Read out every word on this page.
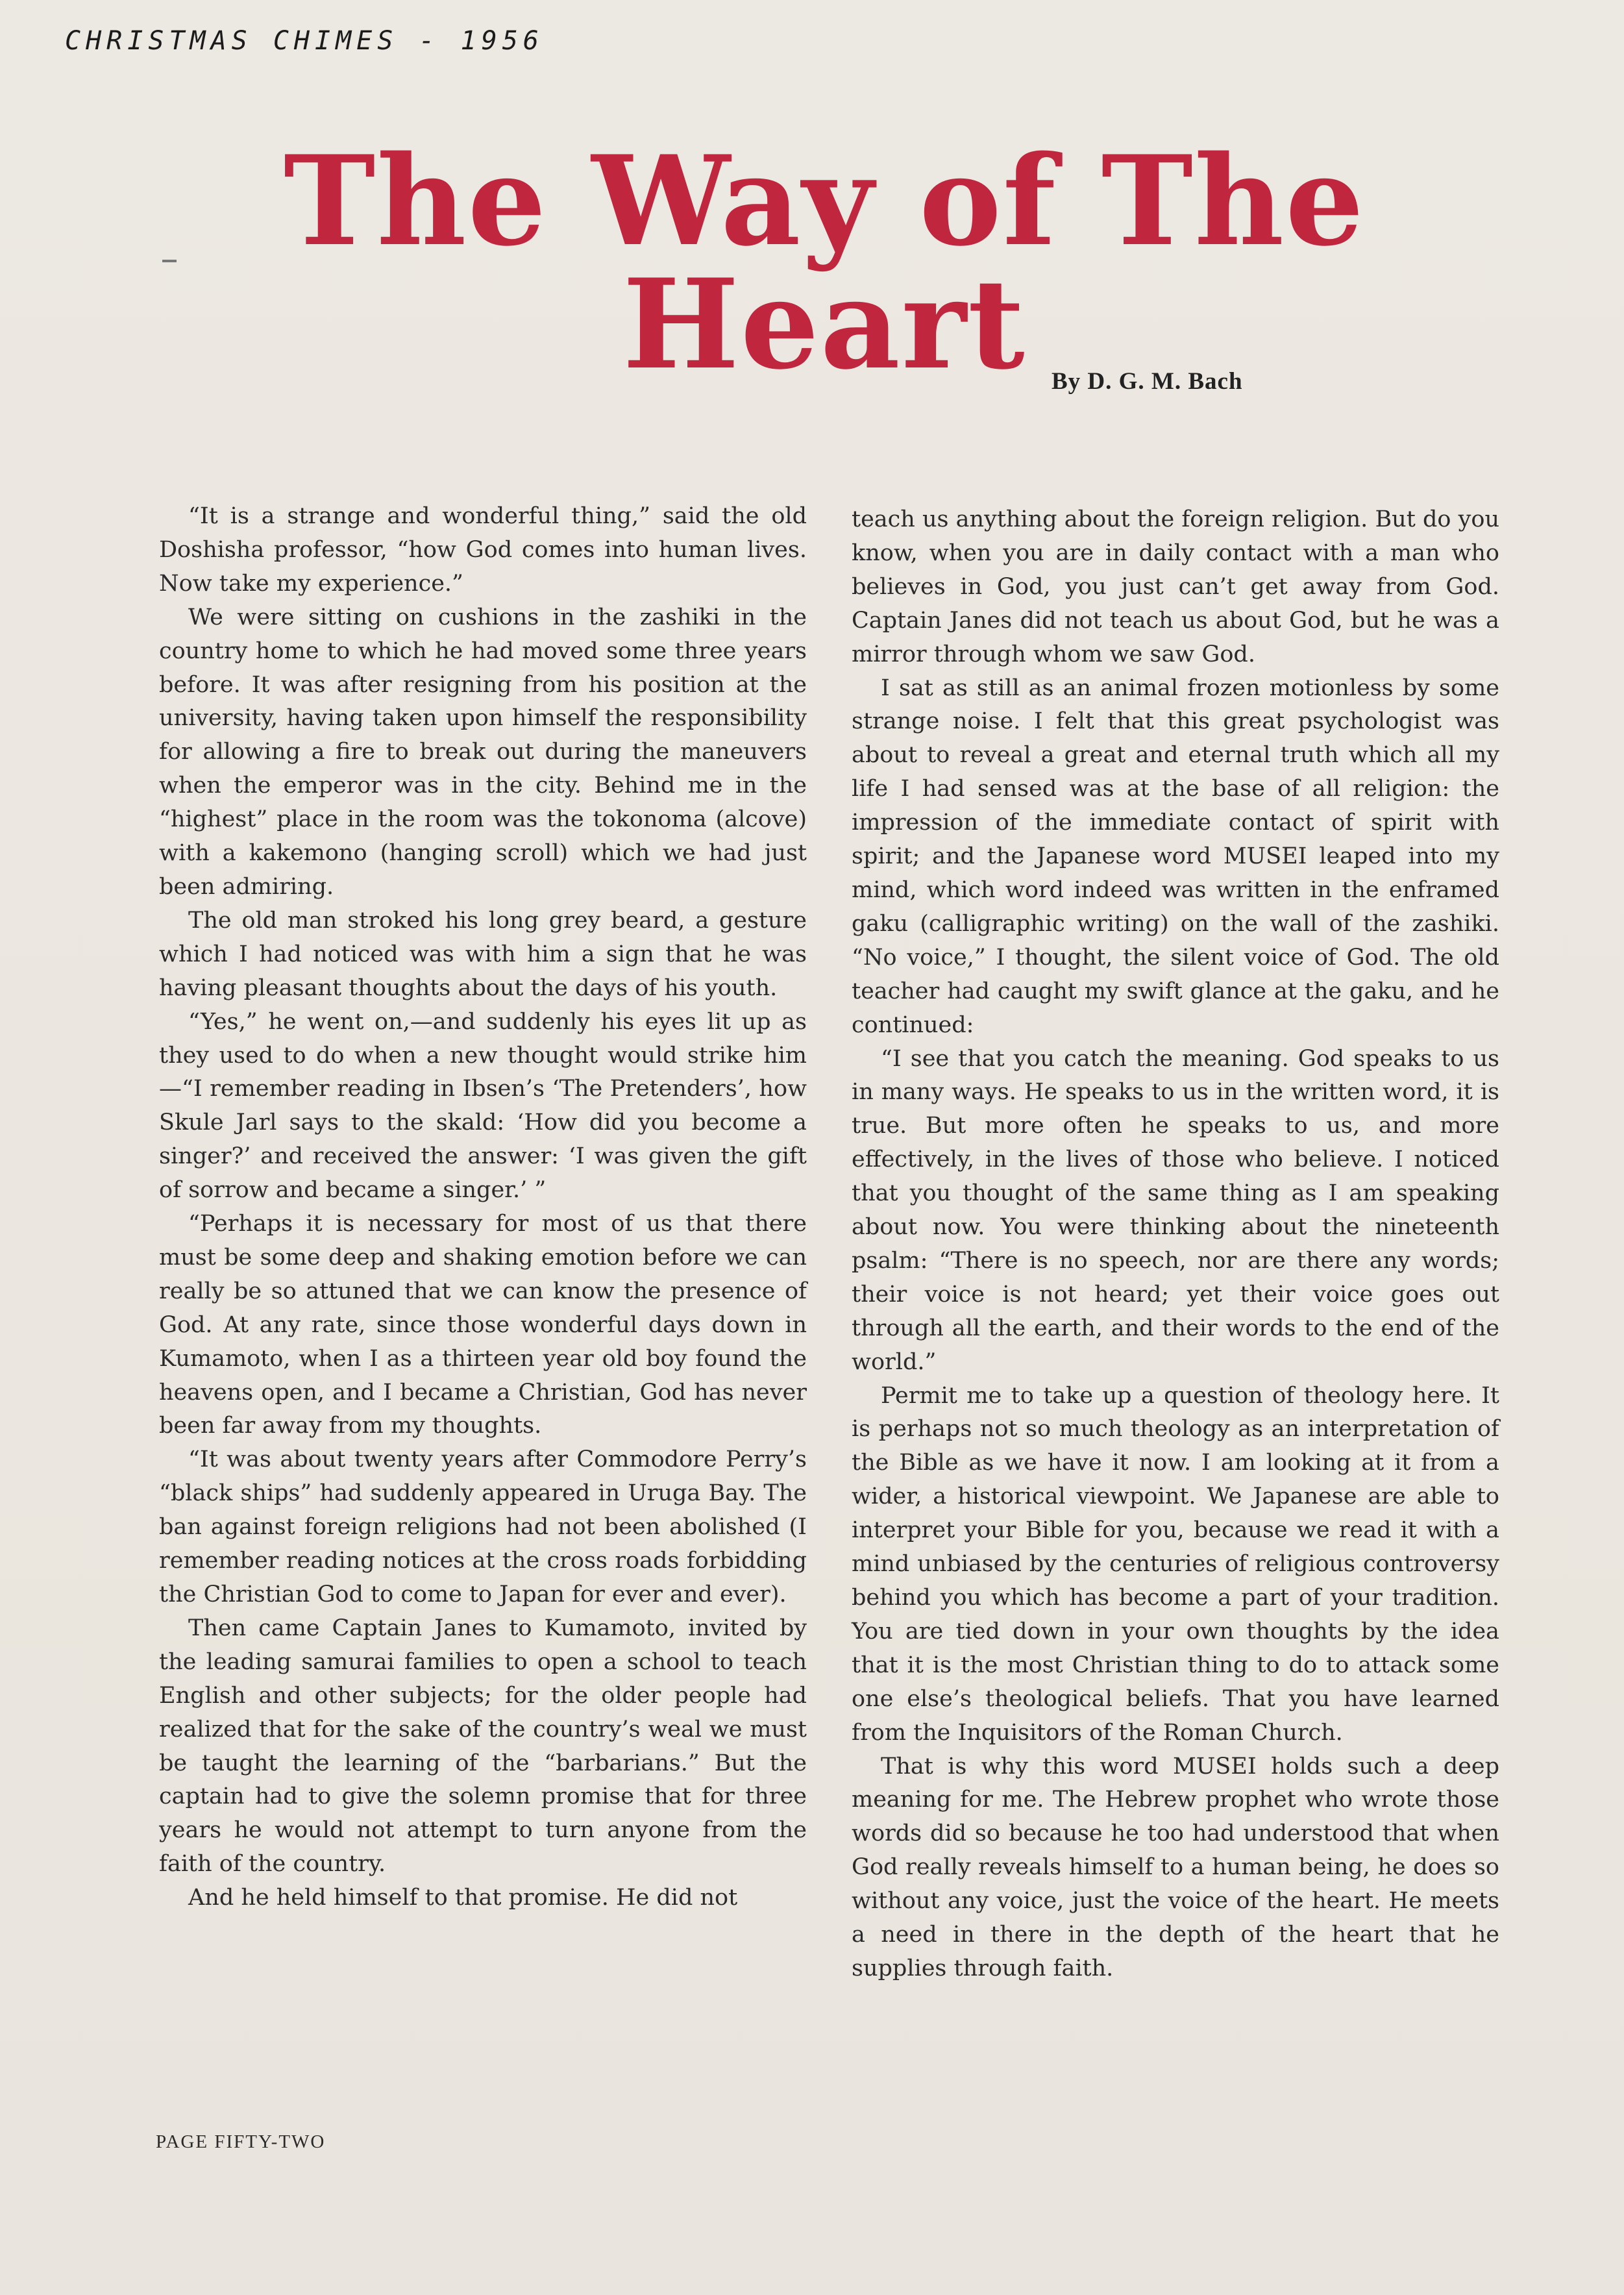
CHRISTMAS CHIMES - 1956
The Way of The Heart	By D. G. M. Bach

“It is a strange and wonderful thing,” said the old Doshisha professor, “how God comes into human lives. Now take my experience.”

We were sitting on cushions in the zashiki in the country home to which he had moved some three years before. It was after resigning from his position at the university, having taken upon himself the responsibility for allowing a fire to break out during the maneuvers when the emperor was in the city. Behind me in the “highest” place in the room was the tokonoma (alcove) with a kakemono (hanging scroll) which we had just been admiring.

The old man stroked his long grey beard, a gesture which I had noticed was with him a sign that he was having pleasant thoughts about the days of his youth.

“Yes,” he went on,—and suddenly his eyes lit up as they used to do when a new thought would strike him—“I remember reading in Ibsen’s ‘The Pretenders’, how Skule Jarl says to the skald: ‘How did you become a singer?’ and received the answer: ‘I was given the gift of sorrow and became a singer.’ ”

“Perhaps it is necessary for most of us that there must be some deep and shaking emotion before we can really be so attuned that we can know the presence of God. At any rate, since those wonderful days down in Kumamoto, when I as a thirteen year old boy found the heavens open, and I became a Christian, God has never been far away from my thoughts.

“It was about twenty years after Commodore Perry’s “black ships” had suddenly appeared in Uruga Bay. The ban against foreign religions had not been abolished (I remember reading notices at the cross roads forbidding the Christian God to come to Japan for ever and ever).

Then came Captain Janes to Kumamoto, invited by the leading samurai families to open a school to teach English and other subjects; for the older people had realized that for the sake of the country’s weal we must be taught the learning of the “barbarians.” But the captain had to give the solemn promise that for three years he would not attempt to turn anyone from the faith of the country.

And he held himself to that promise. He did not

teach us anything about the foreign religion. But do you know, when you are in daily contact with a man who believes in God, you just can’t get away from God. Captain Janes did not teach us about God, but he was a mirror through whom we saw God.

I sat as still as an animal frozen motionless by some strange noise. I felt that this great psychologist was about to reveal a great and eternal truth which all my life I had sensed was at the base of all religion: the impression of the immediate contact of spirit with spirit; and the Japanese word MUSEI leaped into my mind, which word indeed was written in the enframed gaku (calligraphic writing) on the wall of the zashiki. “No voice,” I thought, the silent voice of God. The old teacher had caught my swift glance at the gaku, and he continued:

“I see that you catch the meaning. God speaks to us in many ways. He speaks to us in the written word, it is true. But more often he speaks to us, and more effectively, in the lives of those who believe. I noticed that you thought of the same thing as I am speaking about now. You were thinking about the nineteenth psalm: “There is no speech, nor are there any words; their voice is not heard; yet their voice goes out through all the earth, and their words to the end of the world.”

Permit me to take up a question of theology here. It is perhaps not so much theology as an interpretation of the Bible as we have it now. I am looking at it from a wider, a historical viewpoint. We Japanese are able to interpret your Bible for you, because we read it with a mind unbiased by the centuries of religious controversy behind you which has become a part of your tradition. You are tied down in your own thoughts by the idea that it is the most Christian thing to do to attack some one else’s theological beliefs. That you have learned from the Inquisitors of the Roman Church.

That is why this word MUSEI holds such a deep meaning for me. The Hebrew prophet who wrote those words did so because he too had understood that when God really reveals himself to a human being, he does so without any voice, just the voice of the heart. He meets a need in there in the depth of the heart that he supplies through faith.

PAGE FIFTY-TWO
